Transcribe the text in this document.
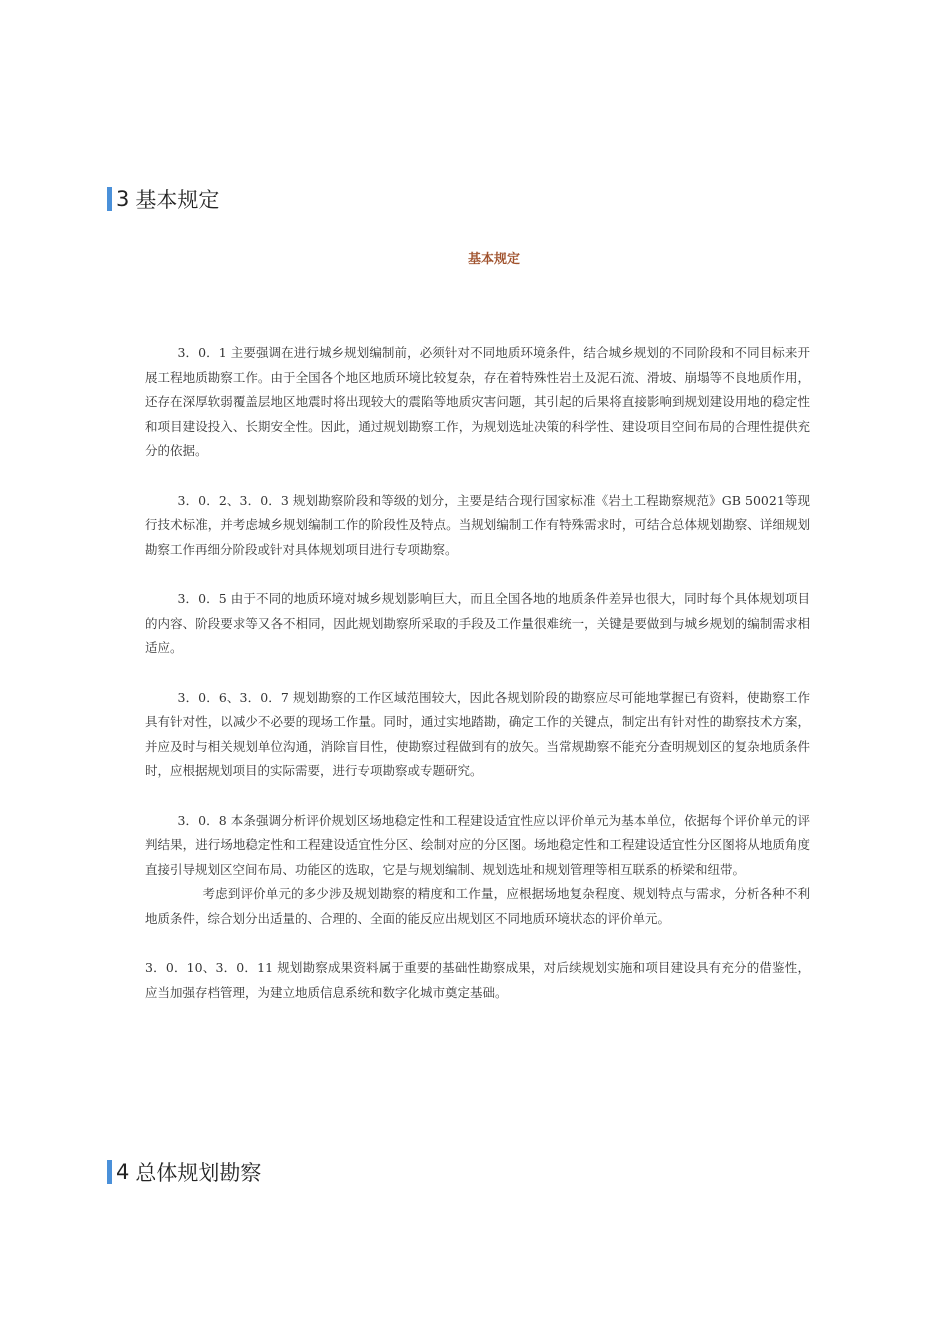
3 基本规定
基本规定

3．0．1 主要强调在进行城乡规划编制前，必须针对不同地质环境条件，结合城乡规划的不同阶段和不同目标来开展工程地质勘察工作。由于全国各个地区地质环境比较复杂，存在着特殊性岩土及泥石流、滑坡、崩塌等不良地质作用，还存在深厚软弱覆盖层地区地震时将出现较大的震陷等地质灾害问题，其引起的后果将直接影响到规划建设用地的稳定性和项目建设投入、长期安全性。因此，通过规划勘察工作，为规划选址决策的科学性、建设项目空间布局的合理性提供充分的依据。

3．0．2、3．0．3 规划勘察阶段和等级的划分，主要是结合现行国家标准《岩土工程勘察规范》GB 50021等现行技术标准，并考虑城乡规划编制工作的阶段性及特点。当规划编制工作有特殊需求时，可结合总体规划勘察、详细规划勘察工作再细分阶段或针对具体规划项目进行专项勘察。

3．0．5 由于不同的地质环境对城乡规划影响巨大，而且全国各地的地质条件差异也很大，同时每个具体规划项目的内容、阶段要求等又各不相同，因此规划勘察所采取的手段及工作量很难统一，关键是要做到与城乡规划的编制需求相适应。

3．0．6、3．0．7 规划勘察的工作区域范围较大，因此各规划阶段的勘察应尽可能地掌握已有资料，使勘察工作具有针对性，以减少不必要的现场工作量。同时，通过实地踏勘，确定工作的关键点，制定出有针对性的勘察技术方案，并应及时与相关规划单位沟通，消除盲目性，使勘察过程做到有的放矢。当常规勘察不能充分查明规划区的复杂地质条件时，应根据规划项目的实际需要，进行专项勘察或专题研究。

3．0．8 本条强调分析评价规划区场地稳定性和工程建设适宜性应以评价单元为基本单位，依据每个评价单元的评判结果，进行场地稳定性和工程建设适宜性分区、绘制对应的分区图。场地稳定性和工程建设适宜性分区图将从地质角度直接引导规划区空间布局、功能区的选取，它是与规划编制、规划选址和规划管理等相互联系的桥梁和纽带。

考虑到评价单元的多少涉及规划勘察的精度和工作量，应根据场地复杂程度、规划特点与需求，分析各种不利地质条件，综合划分出适量的、合理的、全面的能反应出规划区不同地质环境状态的评价单元。

3．0．10、3．0．11 规划勘察成果资料属于重要的基础性勘察成果，对后续规划实施和项目建设具有充分的借鉴性，应当加强存档管理，为建立地质信息系统和数字化城市奠定基础。

4 总体规划勘察
